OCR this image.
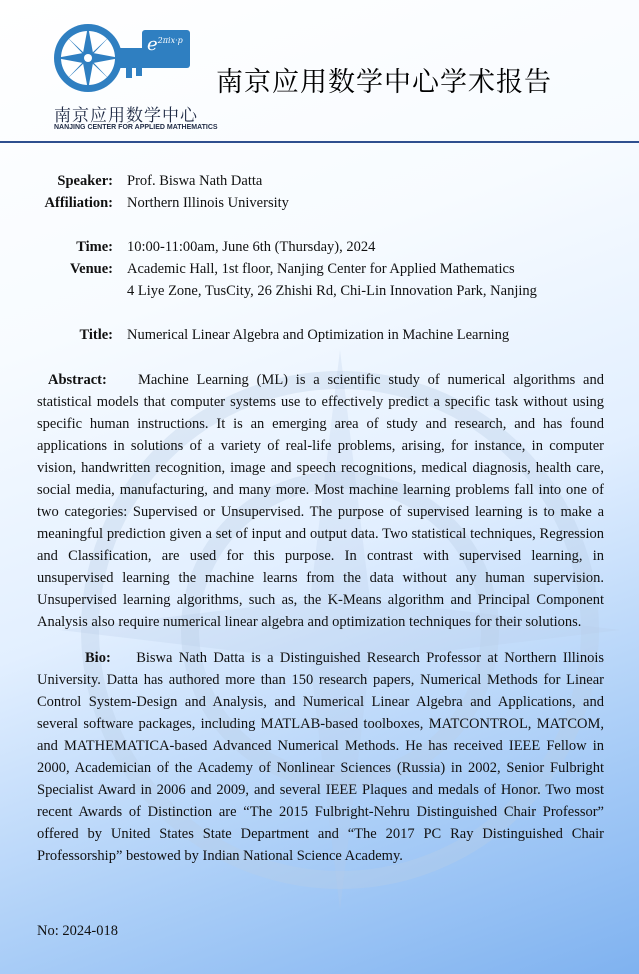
$e^{2\pi ix\cdot p}$
南京应用数学中心
NANJING CENTER FOR APPLIED MATHEMATICS
南京应用数学中心学术报告
Speaker: Prof. Biswa Nath Datta
Affiliation: Northern Illinois University
Time: 10:00-11:00am, June 6th (Thursday), 2024
Venue: Academic Hall, 1st floor, Nanjing Center for Applied Mathematics
4 Liye Zone, TusCity, 26 Zhishi Rd, Chi-Lin Innovation Park, Nanjing
Title: Numerical Linear Algebra and Optimization in Machine Learning
Abstract: Machine Learning (ML) is a scientific study of numerical algorithms and statistical models that computer systems use to effectively predict a specific task without using specific human instructions. It is an emerging area of study and research, and has found applications in solutions of a variety of real-life problems, arising, for instance, in computer vision, handwritten recognition, image and speech recognitions, medical diagnosis, health care, social media, manufacturing, and many more. Most machine learning problems fall into one of two categories: Supervised or Unsupervised. The purpose of supervised learning is to make a meaningful prediction given a set of input and output data. Two statistical techniques, Regression and Classification, are used for this purpose. In contrast with supervised learning, in unsupervised learning the machine learns from the data without any human supervision. Unsupervised learning algorithms, such as, the K-Means algorithm and Principal Component Analysis also require numerical linear algebra and optimization techniques for their solutions.
Bio: Biswa Nath Datta is a Distinguished Research Professor at Northern Illinois University. Datta has authored more than 150 research papers, Numerical Methods for Linear Control System-Design and Analysis, and Numerical Linear Algebra and Applications, and several software packages, including MATLAB-based toolboxes, MATCONTROL, MATCOM, and MATHEMATICA-based Advanced Numerical Methods. He has received IEEE Fellow in 2000, Academician of the Academy of Nonlinear Sciences (Russia) in 2002, Senior Fulbright Specialist Award in 2006 and 2009, and several IEEE Plaques and medals of Honor. Two most recent Awards of Distinction are “The 2015 Fulbright-Nehru Distinguished Chair Professor” offered by United States State Department and “The 2017 PC Ray Distinguished Chair Professorship” bestowed by Indian National Science Academy.
No: 2024-018
